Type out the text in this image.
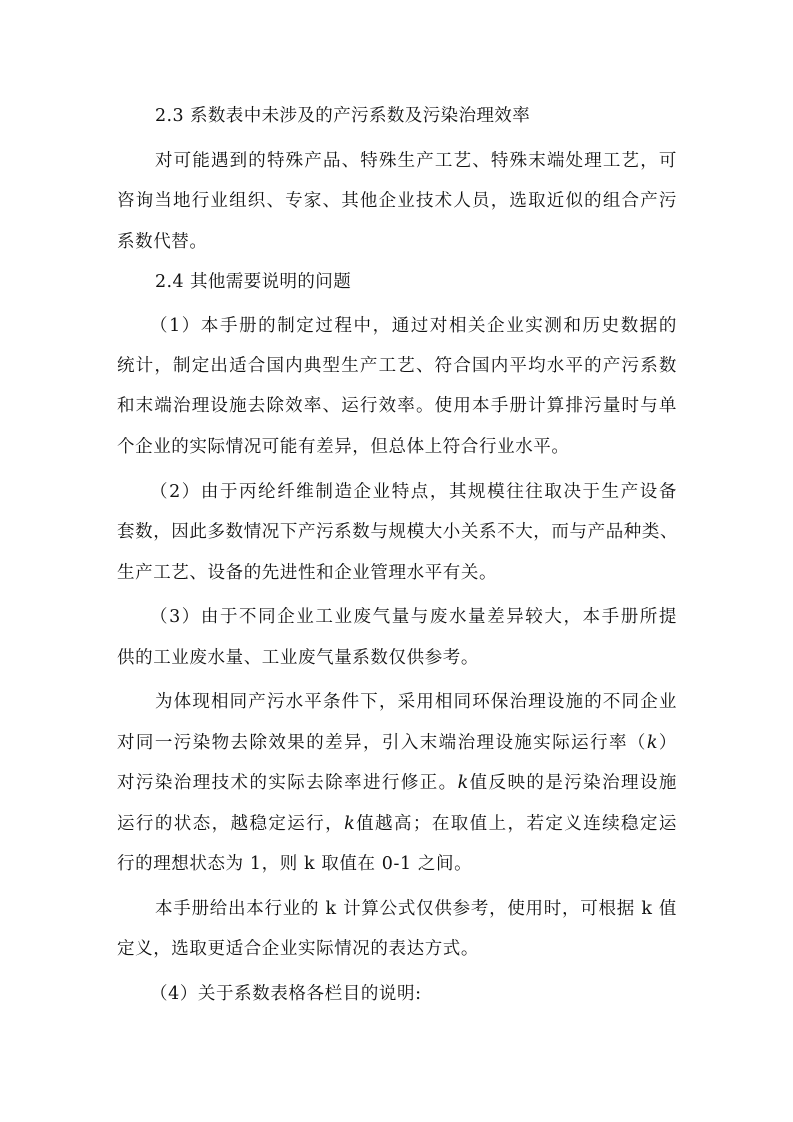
2.3 系数表中未涉及的产污系数及污染治理效率
对可能遇到的特殊产品、特殊生产工艺、特殊末端处理工艺，可
咨询当地行业组织、专家、其他企业技术人员，选取近似的组合产污
系数代替。
2.4 其他需要说明的问题
（1）本手册的制定过程中，通过对相关企业实测和历史数据的
统计，制定出适合国内典型生产工艺、符合国内平均水平的产污系数
和末端治理设施去除效率、运行效率。使用本手册计算排污量时与单
个企业的实际情况可能有差异，但总体上符合行业水平。
（2）由于丙纶纤维制造企业特点，其规模往往取决于生产设备
套数，因此多数情况下产污系数与规模大小关系不大，而与产品种类、
生产工艺、设备的先进性和企业管理水平有关。
（3）由于不同企业工业废气量与废水量差异较大，本手册所提
供的工业废水量、工业废气量系数仅供参考。
为体现相同产污水平条件下，采用相同环保治理设施的不同企业
对同一污染物去除效果的差异，引入末端治理设施实际运行率（k）
对污染治理技术的实际去除率进行修正。k值反映的是污染治理设施
运行的状态，越稳定运行，k值越高；在取值上，若定义连续稳定运
行的理想状态为 1，则 k 取值在 0-1 之间。
本手册给出本行业的 k 计算公式仅供参考，使用时，可根据 k 值
定义，选取更适合企业实际情况的表达方式。
（4）关于系数表格各栏目的说明:
